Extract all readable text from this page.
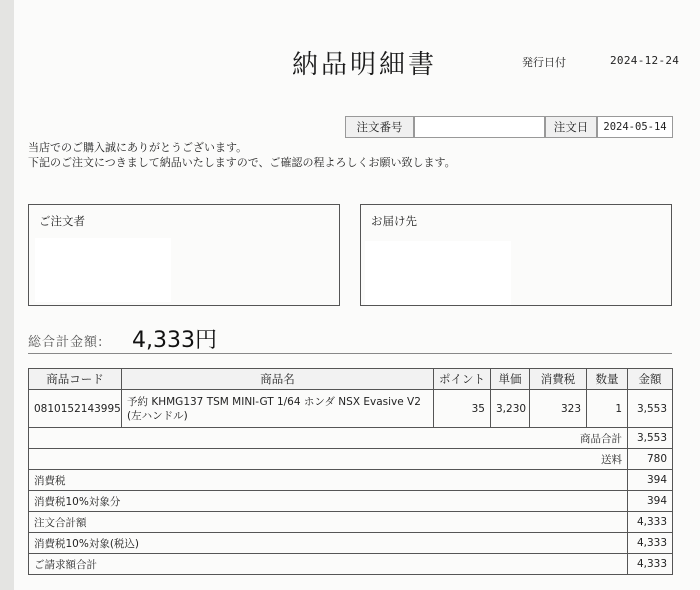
納品明細書	発行日付	2024-12-24
注文番号	注文日	2024-05-14
当店でのご購入誠にありがとうございます。
下記のご注文につきまして納品いたしますので、ご確認の程よろしくお願い致します。
ご注文者	お届け先
総合計金額: 4,333円
商品コード	商品名	ポイント	単価	消費税	数量	金額
0810152143995	予約 KHMG137 TSM MINI-GT 1/64 ホンダ NSX Evasive V2 (左ハンドル)	35	3,230	323	1	3,553
商品合計						3,553
送料						780
消費税						394
消費税10%対象分						394
注文合計額						4,333
消費税10%対象(税込)						4,333
ご請求額合計						4,333
